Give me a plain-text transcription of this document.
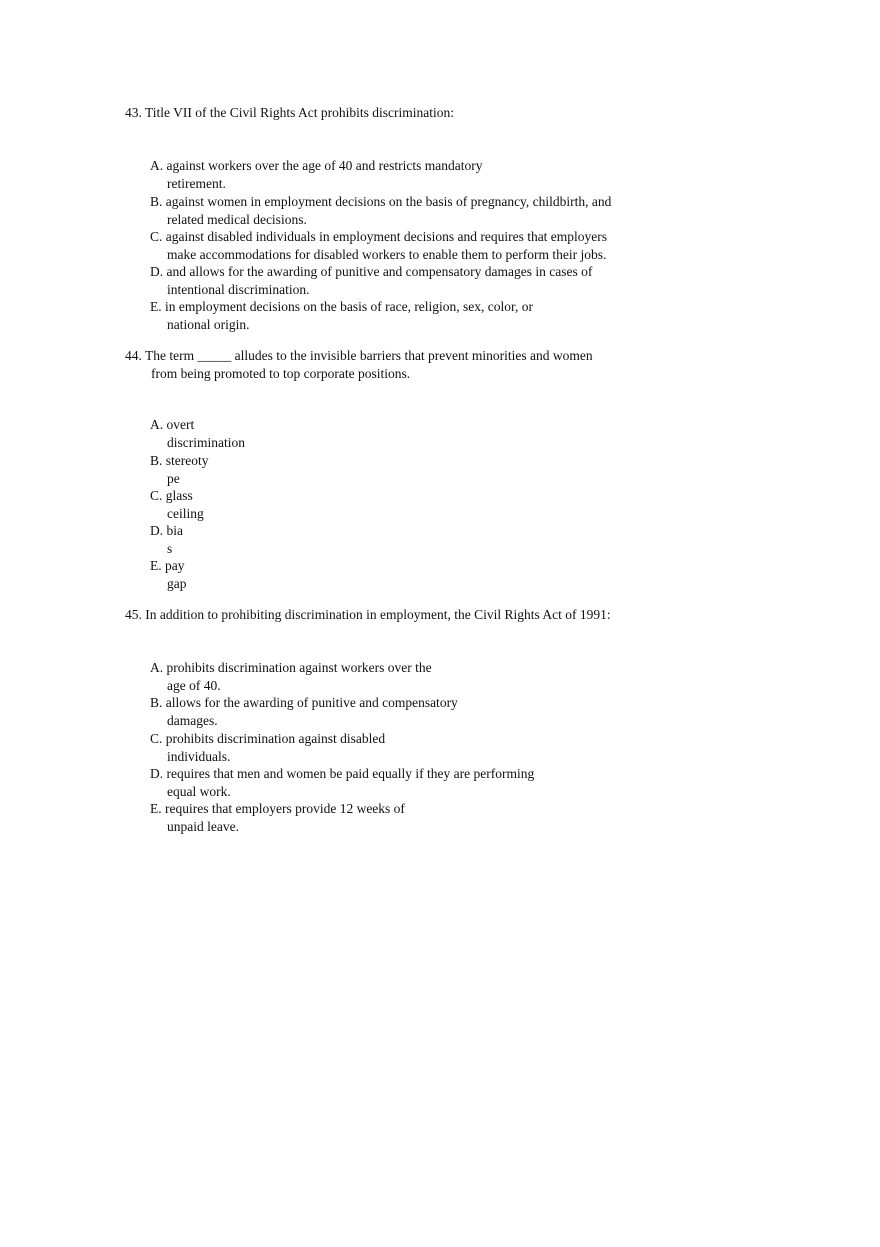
43. Title VII of the Civil Rights Act prohibits discrimination:
A. against workers over the age of 40 and restricts mandatory
retirement.
B. against women in employment decisions on the basis of pregnancy, childbirth, and
related medical decisions.
C. against disabled individuals in employment decisions and requires that employers
make accommodations for disabled workers to enable them to perform their jobs.
D. and allows for the awarding of punitive and compensatory damages in cases of
intentional discrimination.
E. in employment decisions on the basis of race, religion, sex, color, or
national origin.
44. The term _____ alludes to the invisible barriers that prevent minorities and women
from being promoted to top corporate positions.
A. overt
discrimination
B. stereoty
pe
C. glass
ceiling
D. bia
s
E. pay
gap
45. In addition to prohibiting discrimination in employment, the Civil Rights Act of 1991:
A. prohibits discrimination against workers over the
age of 40.
B. allows for the awarding of punitive and compensatory
damages.
C. prohibits discrimination against disabled
individuals.
D. requires that men and women be paid equally if they are performing
equal work.
E. requires that employers provide 12 weeks of
unpaid leave.
